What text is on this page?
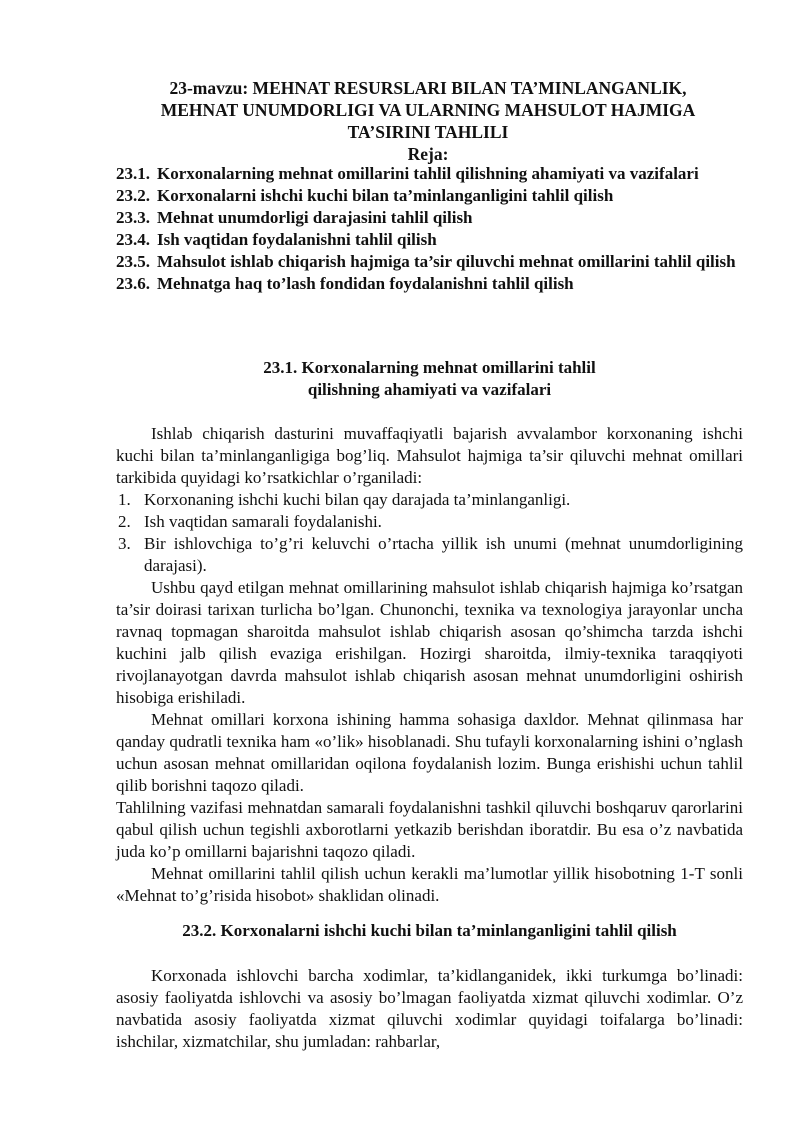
23-mavzu: MEHNAT RESURSLARI BILAN TA’MINLANGANLIK,
MEHNAT UNUMDORLIGI VA ULARNING MAHSULOT HAJMIGA
TA’SIRINI TAHLILI
Reja:

23.1. Korxonalarning mehnat omillarini tahlil qilishning ahamiyati va vazifalari

23.2. Korxonalarni ishchi kuchi bilan ta’minlanganligini tahlil qilish

23.3. Mehnat unumdorligi darajasini tahlil qilish

23.4. Ish vaqtidan foydalanishni tahlil qilish

23.5. Mahsulot ishlab chiqarish hajmiga ta’sir qiluvchi mehnat omillarini tahlil qilish

23.6. Mehnatga haq to’lash fondidan foydalanishni tahlil qilish

23.1. Korxonalarning mehnat omillarini tahlil
qilishning ahamiyati va vazifalari

Ishlab chiqarish dasturini muvaffaqiyatli bajarish avvalambor korxonaning ishchi kuchi bilan ta’minlanganligiga bog’liq. Mahsulot hajmiga ta’sir qiluvchi mehnat omillari tarkibida quyidagi ko’rsatkichlar o’rganiladi:

1. Korxonaning ishchi kuchi bilan qay darajada ta’minlanganligi.

2. Ish vaqtidan samarali foydalanishi.

3. Bir ishlovchiga to’g’ri keluvchi o’rtacha yillik ish unumi (mehnat unumdorligining darajasi).

Ushbu qayd etilgan mehnat omillarining mahsulot ishlab chiqarish hajmiga ko’rsatgan ta’sir doirasi tarixan turlicha bo’lgan. Chunonchi, texnika va texnologiya jarayonlar uncha ravnaq topmagan sharoitda mahsulot ishlab chiqarish asosan qo’shimcha tarzda ishchi kuchini jalb qilish evaziga erishilgan. Hozirgi sharoitda, ilmiy-texnika taraqqiyoti rivojlanayotgan davrda mahsulot ishlab chiqarish asosan mehnat unumdorligini oshirish hisobiga erishiladi.

Mehnat omillari korxona ishining hamma sohasiga daxldor. Mehnat qilinmasa har qanday qudratli texnika ham «o’lik» hisoblanadi. Shu tufayli korxonalarning ishini o’nglash uchun asosan mehnat omillaridan oqilona foydalanish lozim. Bunga erishishi uchun tahlil qilib borishni taqozo qiladi.

Tahlilning vazifasi mehnatdan samarali foydalanishni tashkil qiluvchi boshqaruv qarorlarini qabul qilish uchun tegishli axborotlarni yetkazib berishdan iboratdir. Bu esa o’z navbatida juda ko’p omillarni bajarishni taqozo qiladi.

Mehnat omillarini tahlil qilish uchun kerakli ma’lumotlar yillik hisobotning 1-T sonli «Mehnat to’g’risida hisobot» shaklidan olinadi.

23.2. Korxonalarni ishchi kuchi bilan ta’minlanganligini tahlil qilish

Korxonada ishlovchi barcha xodimlar, ta’kidlanganidek, ikki turkumga bo’linadi: asosiy faoliyatda ishlovchi va asosiy bo’lmagan faoliyatda xizmat qiluvchi xodimlar. O’z navbatida asosiy faoliyatda xizmat qiluvchi xodimlar quyidagi toifalarga bo’linadi: ishchilar, xizmatchilar, shu jumladan: rahbarlar,
